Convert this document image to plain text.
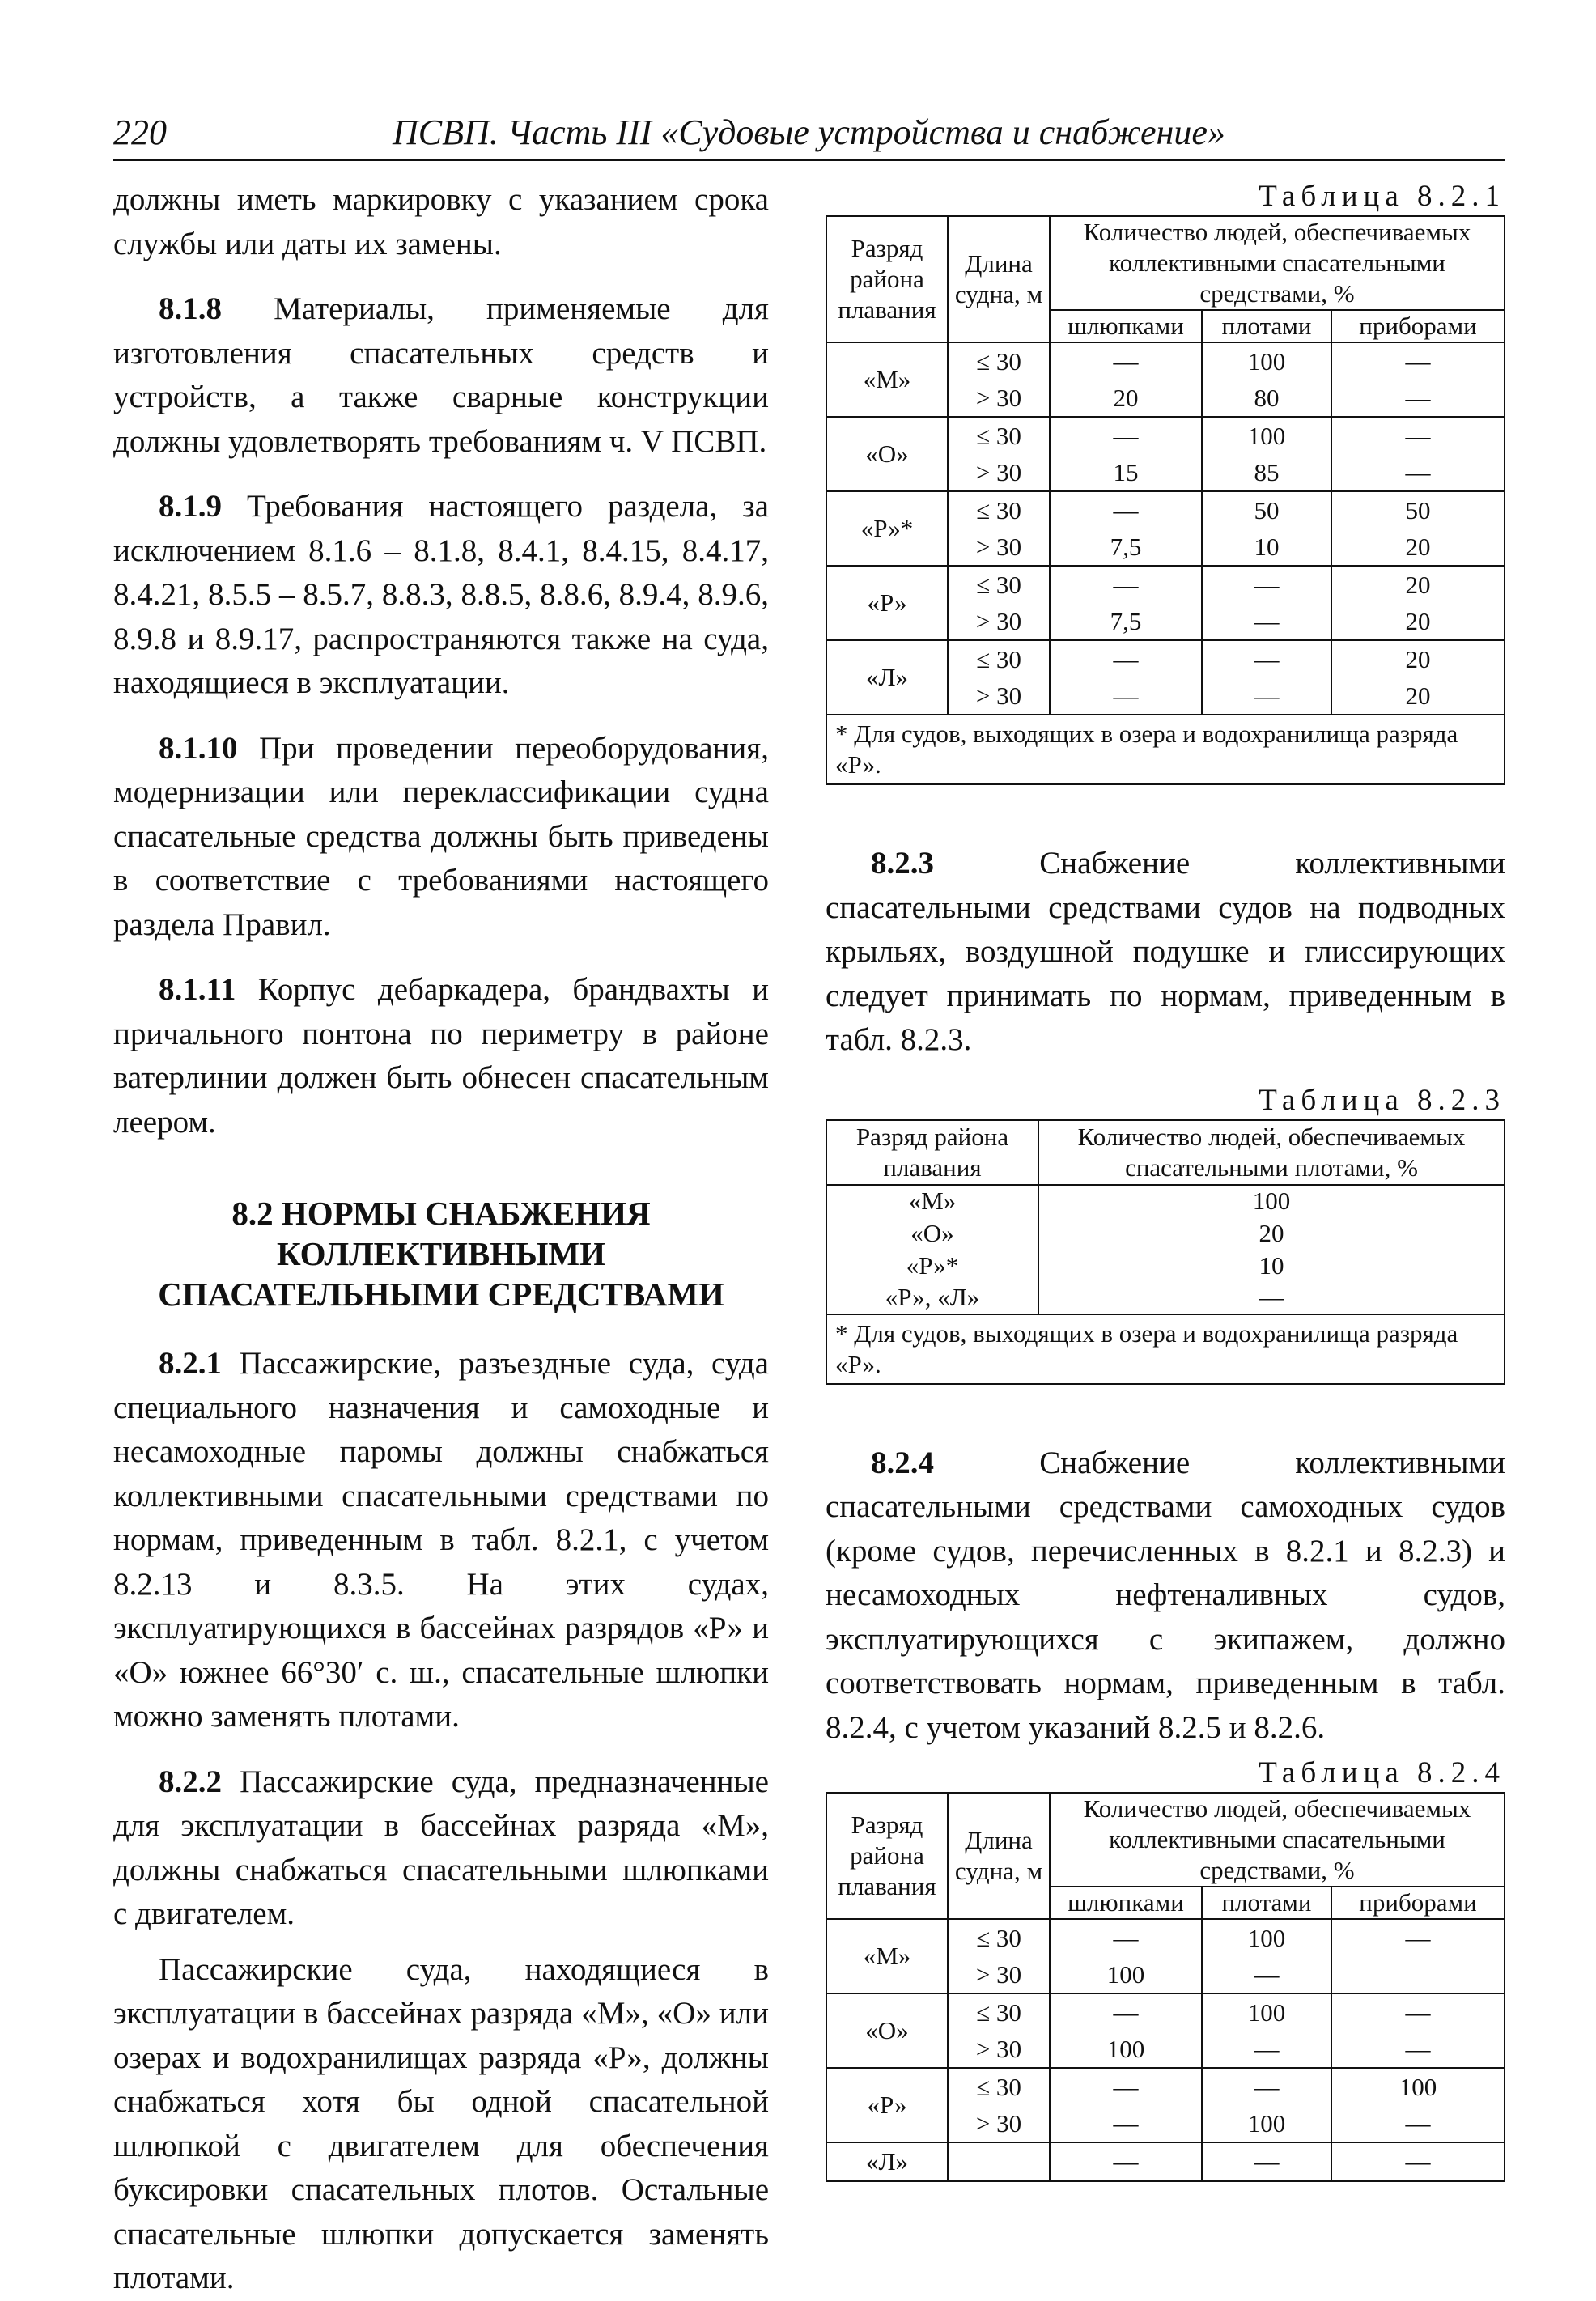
220	ПСВП. Часть III «Судовые устройства и снабжение»

должны иметь маркировку с указанием срока службы или даты их замены.

8.1.8 Материалы, применяемые для изготовления спасательных средств и устройств, а также сварные конструкции должны удовлетворять требованиям ч. V ПСВП.

8.1.9 Требования настоящего раздела, за исключением 8.1.6 – 8.1.8, 8.4.1, 8.4.15, 8.4.17, 8.4.21, 8.5.5 – 8.5.7, 8.8.3, 8.8.5, 8.8.6, 8.9.4, 8.9.6, 8.9.8 и 8.9.17, распространяются также на суда, находящиеся в эксплуатации.

8.1.10 При проведении переоборудования, модернизации или переклассификации судна спасательные средства должны быть приведены в соответствие с требованиями настоящего раздела Правил.

8.1.11 Корпус дебаркадера, брандвахты и причального понтона по периметру в районе ватерлинии должен быть обнесен спасательным леером.

8.2 НОРМЫ СНАБЖЕНИЯ
КОЛЛЕКТИВНЫМИ
СПАСАТЕЛЬНЫМИ СРЕДСТВАМИ

8.2.1 Пассажирские, разъездные суда, суда специального назначения и самоходные и несамоходные паромы должны снабжаться коллективными спасательными средствами по нормам, приведенным в табл. 8.2.1, с учетом 8.2.13 и 8.3.5. На этих судах, эксплуатирующихся в бассейнах разрядов «Р» и «О» южнее 66°30′ с. ш., спасательные шлюпки можно заменять плотами.

8.2.2 Пассажирские суда, предназначенные для эксплуатации в бассейнах разряда «М», должны снабжаться спасательными шлюпками с двигателем.

Пассажирские суда, находящиеся в эксплуатации в бассейнах разряда «М», «О» или озерах и водохранилищах разряда «Р», должны снабжаться хотя бы одной спасательной шлюпкой с двигателем для обеспечения буксировки спасательных плотов. Остальные спасательные шлюпки допускается заменять плотами.

Таблица 8.2.1
Разряд района плавания	Длина судна, м	Количество людей, обеспечиваемых коллективными спасательными средствами, %		
		шлюпками	плотами	приборами
«М»	≤ 30	—	100	—
	> 30	20	80	—
«О»	≤ 30	—	100	—
	> 30	15	85	—
«Р»*	≤ 30	—	50	50
	> 30	7,5	10	20
«Р»	≤ 30	—	—	20
	> 30	7,5	—	20
«Л»	≤ 30	—	—	20
	> 30	—	—	20
* Для судов, выходящих в озера и водохранилища разряда «Р».				

8.2.3 Снабжение коллективными спасательными средствами судов на подводных крыльях, воздушной подушке и глиссирующих следует принимать по нормам, приведенным в табл. 8.2.3.

Таблица 8.2.3
Разряд района плавания	Количество людей, обеспечиваемых спасательными плотами, %
«М»	100
«О»	20
«Р»*	10
«Р», «Л»	—
* Для судов, выходящих в озера и водохранилища разряда «Р».	

8.2.4 Снабжение коллективными спасательными средствами самоходных судов (кроме судов, перечисленных в 8.2.1 и 8.2.3) и несамоходных нефтеналивных судов, эксплуатирующихся с экипажем, должно соответствовать нормам, приведенным в табл. 8.2.4, с учетом указаний 8.2.5 и 8.2.6.

Таблица 8.2.4
Разряд района плавания	Длина судна, м	Количество людей, обеспечиваемых коллективными спасательными средствами, %		
		шлюпками	плотами	приборами
«М»	≤ 30	—	100	—
	> 30	100	—	
«О»	≤ 30	—	100	—
	> 30	100	—	—
«Р»	≤ 30	—	—	100
	> 30	—	100	—
«Л»		—	—	—
